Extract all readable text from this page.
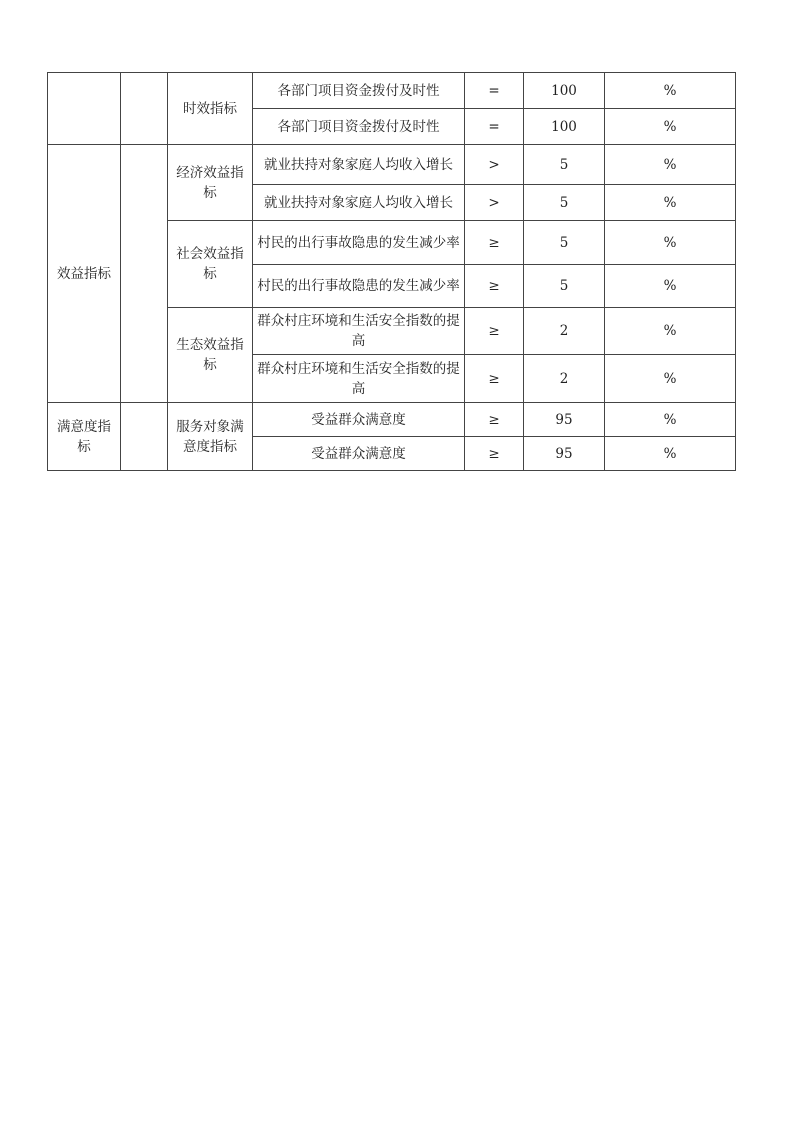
		时效指标	各部门项目资金拨付及时性	=	100	%
			各部门项目资金拨付及时性	=	100	%
效益指标		经济效益指标	就业扶持对象家庭人均收入增长	>	5	%
			就业扶持对象家庭人均收入增长	>	5	%
		社会效益指标	村民的出行事故隐患的发生减少率	≥	5	%
			村民的出行事故隐患的发生减少率	≥	5	%
		生态效益指标	群众村庄环境和生活安全指数的提高	≥	2	%
			群众村庄环境和生活安全指数的提高	≥	2	%
满意度指标		服务对象满意度指标	受益群众满意度	≥	95	%
			受益群众满意度	≥	95	%
